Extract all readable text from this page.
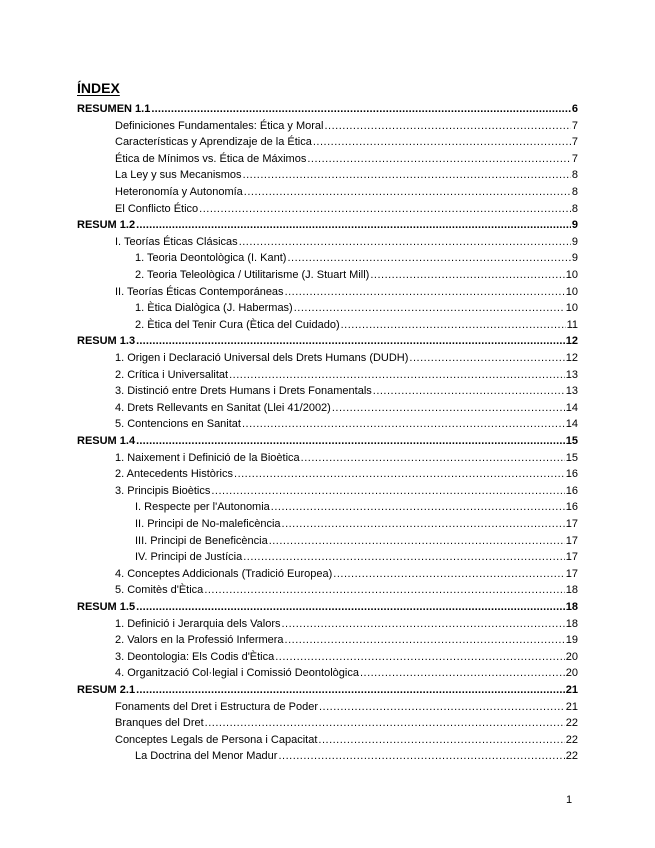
ÍNDEX
RESUMEN 1.1 .....	6
Definiciones Fundamentales: Ética y Moral .....	7
Características y Aprendizaje de la Ética .....	7
Ética de Mínimos vs. Ética de Máximos .....	7
La Ley y sus Mecanismos .....	8
Heteronomía y Autonomía .....	8
El Conflicto Ético .....	8
RESUM 1.2 .....	9
I. Teorías Éticas Clásicas .....	9
1. Teoria Deontològica (I. Kant) .....	9
2. Teoria Teleològica / Utilitarisme (J. Stuart Mill) .....	10
II. Teorías Éticas Contemporáneas .....	10
1. Ètica Dialògica (J. Habermas) .....	10
2. Ètica del Tenir Cura (Ètica del Cuidado) .....	11
RESUM 1.3 .....	12
1. Origen i Declaració Universal dels Drets Humans (DUDH) .....	12
2. Crítica i Universalitat .....	13
3. Distinció entre Drets Humans i Drets Fonamentals .....	13
4. Drets Rellevants en Sanitat (Llei 41/2002) .....	14
5. Contencions en Sanitat .....	14
RESUM 1.4 .....	15
1. Naixement i Definició de la Bioètica .....	15
2. Antecedents Històrics .....	16
3. Principis Bioètics .....	16
I. Respecte per l'Autonomia .....	16
II. Principi de No-maleficència .....	17
III. Principi de Beneficència .....	17
IV. Principi de Justícia .....	17
4. Conceptes Addicionals (Tradició Europea) .....	17
5. Comitès d'Ètica .....	18
RESUM 1.5 .....	18
1. Definició i Jerarquia dels Valors .....	18
2. Valors en la Professió Infermera .....	19
3. Deontologia: Els Codis d'Ètica .....	20
4. Organització Col·legial i Comissió Deontològica .....	20
RESUM 2.1 .....	21
Fonaments del Dret i Estructura de Poder .....	21
Branques del Dret .....	22
Conceptes Legals de Persona i Capacitat .....	22
La Doctrina del Menor Madur .....	22
1
